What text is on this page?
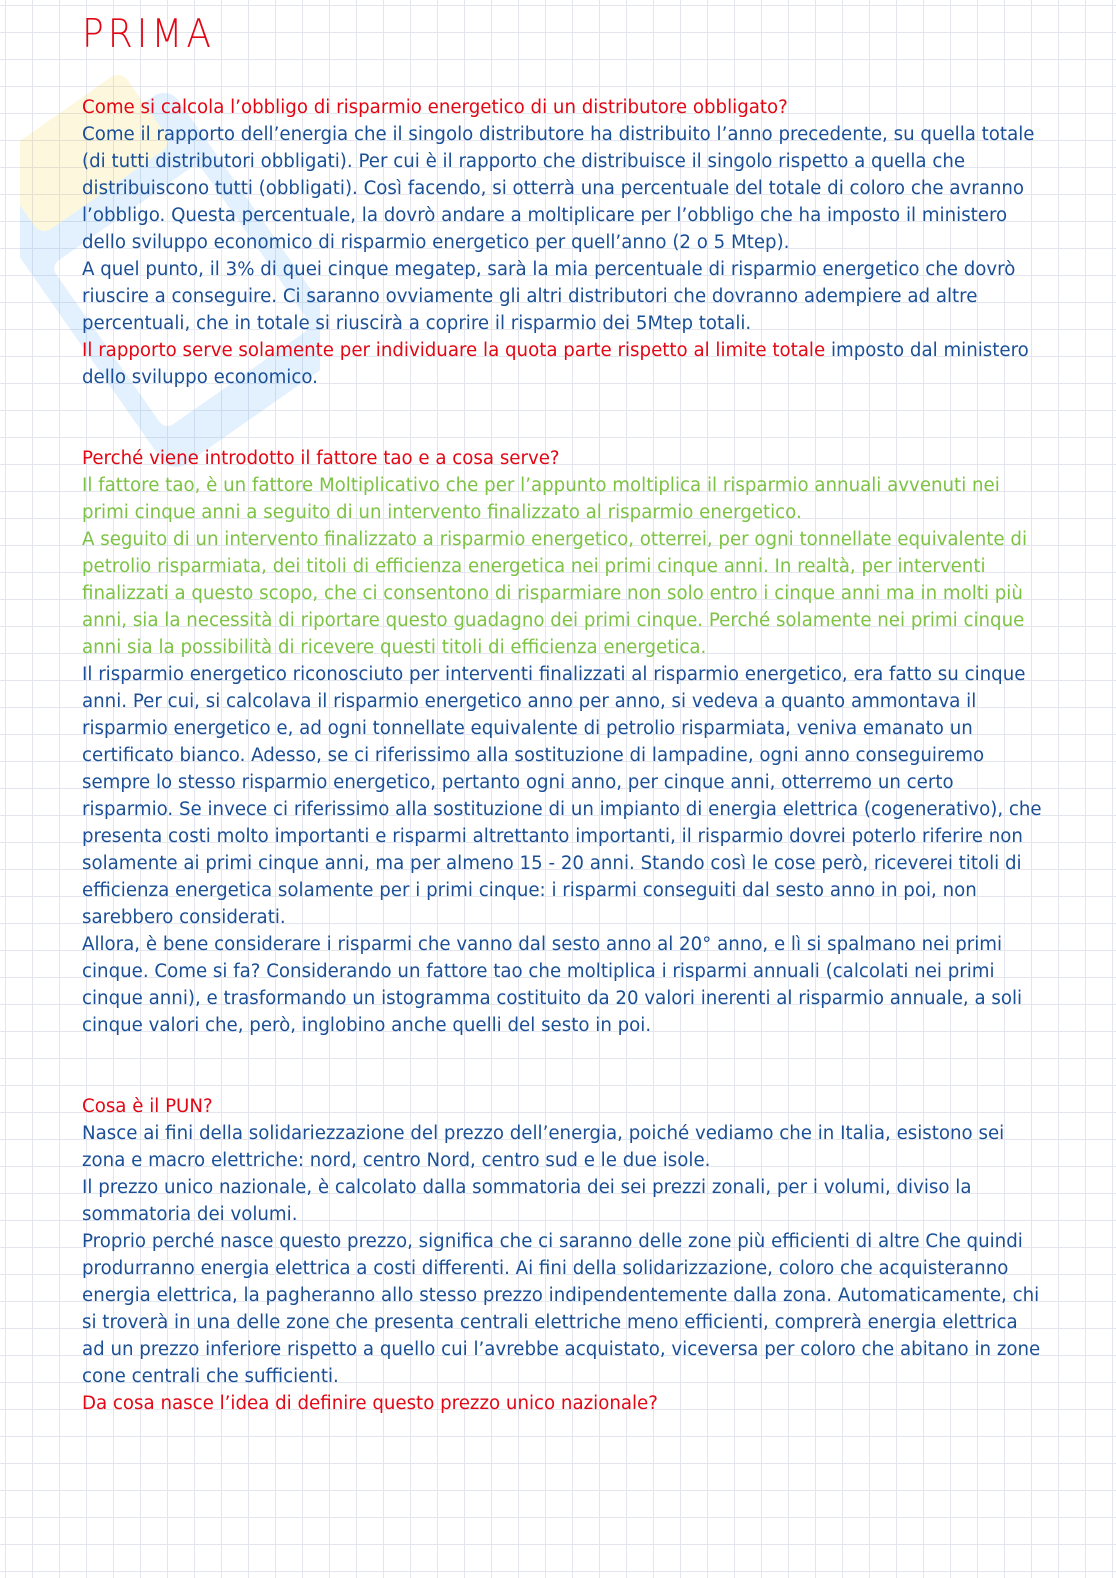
PRIMA

Come si calcola l’obbligo di risparmio energetico di un distributore obbligato?

Come il rapporto dell’energia che il singolo distributore ha distribuito l’anno precedente, su quella totale (di tutti distributori obbligati). Per cui è il rapporto che distribuisce il singolo rispetto a quella che distribuiscono tutti (obbligati). Così facendo, si otterrà una percentuale del totale di coloro che avranno l’obbligo. Questa percentuale, la dovrò andare a moltiplicare per l’obbligo che ha imposto il ministero dello sviluppo economico di risparmio energetico per quell’anno (2 o 5 Mtep).

A quel punto, il 3% di quei cinque megatep, sarà la mia percentuale di risparmio energetico che dovrò riuscire a conseguire. Ci saranno ovviamente gli altri distributori che dovranno adempiere ad altre percentuali, che in totale si riuscirà a coprire il risparmio dei 5Mtep totali.

Il rapporto serve solamente per individuare la quota parte rispetto al limite totale imposto dal ministero dello sviluppo economico.

Perché viene introdotto il fattore tao e a cosa serve?

Il fattore tao, è un fattore Moltiplicativo che per l’appunto moltiplica il risparmio annuali avvenuti nei primi cinque anni a seguito di un intervento finalizzato al risparmio energetico.

A seguito di un intervento finalizzato a risparmio energetico, otterrei, per ogni tonnellate equivalente di petrolio risparmiata, dei titoli di efficienza energetica nei primi cinque anni. In realtà, per interventi finalizzati a questo scopo, che ci consentono di risparmiare non solo entro i cinque anni ma in molti più anni, sia la necessità di riportare questo guadagno dei primi cinque. Perché solamente nei primi cinque anni sia la possibilità di ricevere questi titoli di efficienza energetica.

Il risparmio energetico riconosciuto per interventi finalizzati al risparmio energetico, era fatto su cinque anni. Per cui, si calcolava il risparmio energetico anno per anno, si vedeva a quanto ammontava il risparmio energetico e, ad ogni tonnellate equivalente di petrolio risparmiata, veniva emanato un certificato bianco. Adesso, se ci riferissimo alla sostituzione di lampadine, ogni anno conseguiremo sempre lo stesso risparmio energetico, pertanto ogni anno, per cinque anni, otterremo un certo risparmio. Se invece ci riferissimo alla sostituzione di un impianto di energia elettrica (cogenerativo), che presenta costi molto importanti e risparmi altrettanto importanti, il risparmio dovrei poterlo riferire non solamente ai primi cinque anni, ma per almeno 15 - 20 anni. Stando così le cose però, riceverei titoli di efficienza energetica solamente per i primi cinque: i risparmi conseguiti dal sesto anno in poi, non sarebbero considerati.

Allora, è bene considerare i risparmi che vanno dal sesto anno al 20° anno, e lì si spalmano nei primi cinque. Come si fa? Considerando un fattore tao che moltiplica i risparmi annuali (calcolati nei primi cinque anni), e trasformando un istogramma costituito da 20 valori inerenti al risparmio annuale, a soli cinque valori che, però, inglobino anche quelli del sesto in poi.

Cosa è il PUN?

Nasce ai fini della solidariezzazione del prezzo dell’energia, poiché vediamo che in Italia, esistono sei zona e macro elettriche: nord, centro Nord, centro sud e le due isole.

Il prezzo unico nazionale, è calcolato dalla sommatoria dei sei prezzi zonali, per i volumi, diviso la sommatoria dei volumi.

Proprio perché nasce questo prezzo, significa che ci saranno delle zone più efficienti di altre Che quindi produrranno energia elettrica a costi differenti. Ai fini della solidarizzazione, coloro che acquisteranno energia elettrica, la pagheranno allo stesso prezzo indipendentemente dalla zona. Automaticamente, chi si troverà in una delle zone che presenta centrali elettriche meno efficienti, comprerà energia elettrica ad un prezzo inferiore rispetto a quello cui l’avrebbe acquistato, viceversa per coloro che abitano in zone cone centrali che sufficienti.

Da cosa nasce l’idea di definire questo prezzo unico nazionale?
